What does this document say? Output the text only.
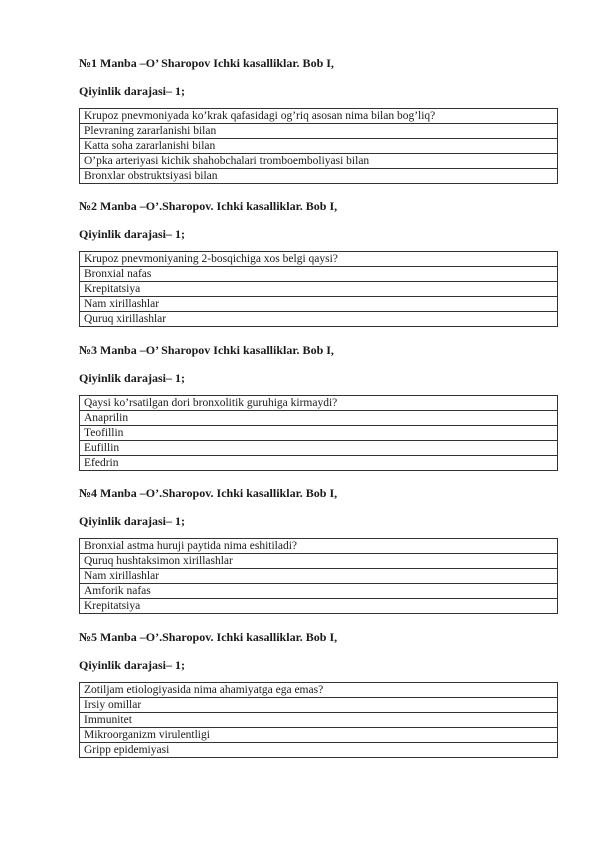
№1 Manba –O’ Sharopov Ichki kasalliklar. Bob I,
Qiyinlik darajasi– 1;
Krupoz pnevmoniyada ko’krak qafasidagi og’riq asosan nima bilan bog’liq?
Plevraning zararlanishi bilan
Katta soha zararlanishi bilan
O’pka arteriyasi kichik shahobchalari tromboemboliyasi bilan
Bronxlar obstruktsiyasi bilan
№2 Manba –O’.Sharopov. Ichki kasalliklar. Bob I,
Qiyinlik darajasi– 1;
Krupoz pnevmoniyaning 2-bosqichiga xos belgi qaysi?
Bronxial nafas
Krepitatsiya
Nam xirillashlar
Quruq xirillashlar
№3 Manba –O’ Sharopov Ichki kasalliklar. Bob I,
Qiyinlik darajasi– 1;
Qaysi ko’rsatilgan dori bronxolitik guruhiga kirmaydi?
Anaprilin
Teofillin
Eufillin
Efedrin
№4 Manba –O’.Sharopov. Ichki kasalliklar. Bob I,
Qiyinlik darajasi– 1;
Bronxial astma huruji paytida nima eshitiladi?
Quruq hushtaksimon xirillashlar
Nam xirillashlar
Amforik nafas
Krepitatsiya
№5 Manba –O’.Sharopov. Ichki kasalliklar. Bob I,
Qiyinlik darajasi– 1;
Zotiljam etiologiyasida nima ahamiyatga ega emas?
Irsiy omillar
Immunitet
Mikroorganizm virulentligi
Gripp epidemiyasi
